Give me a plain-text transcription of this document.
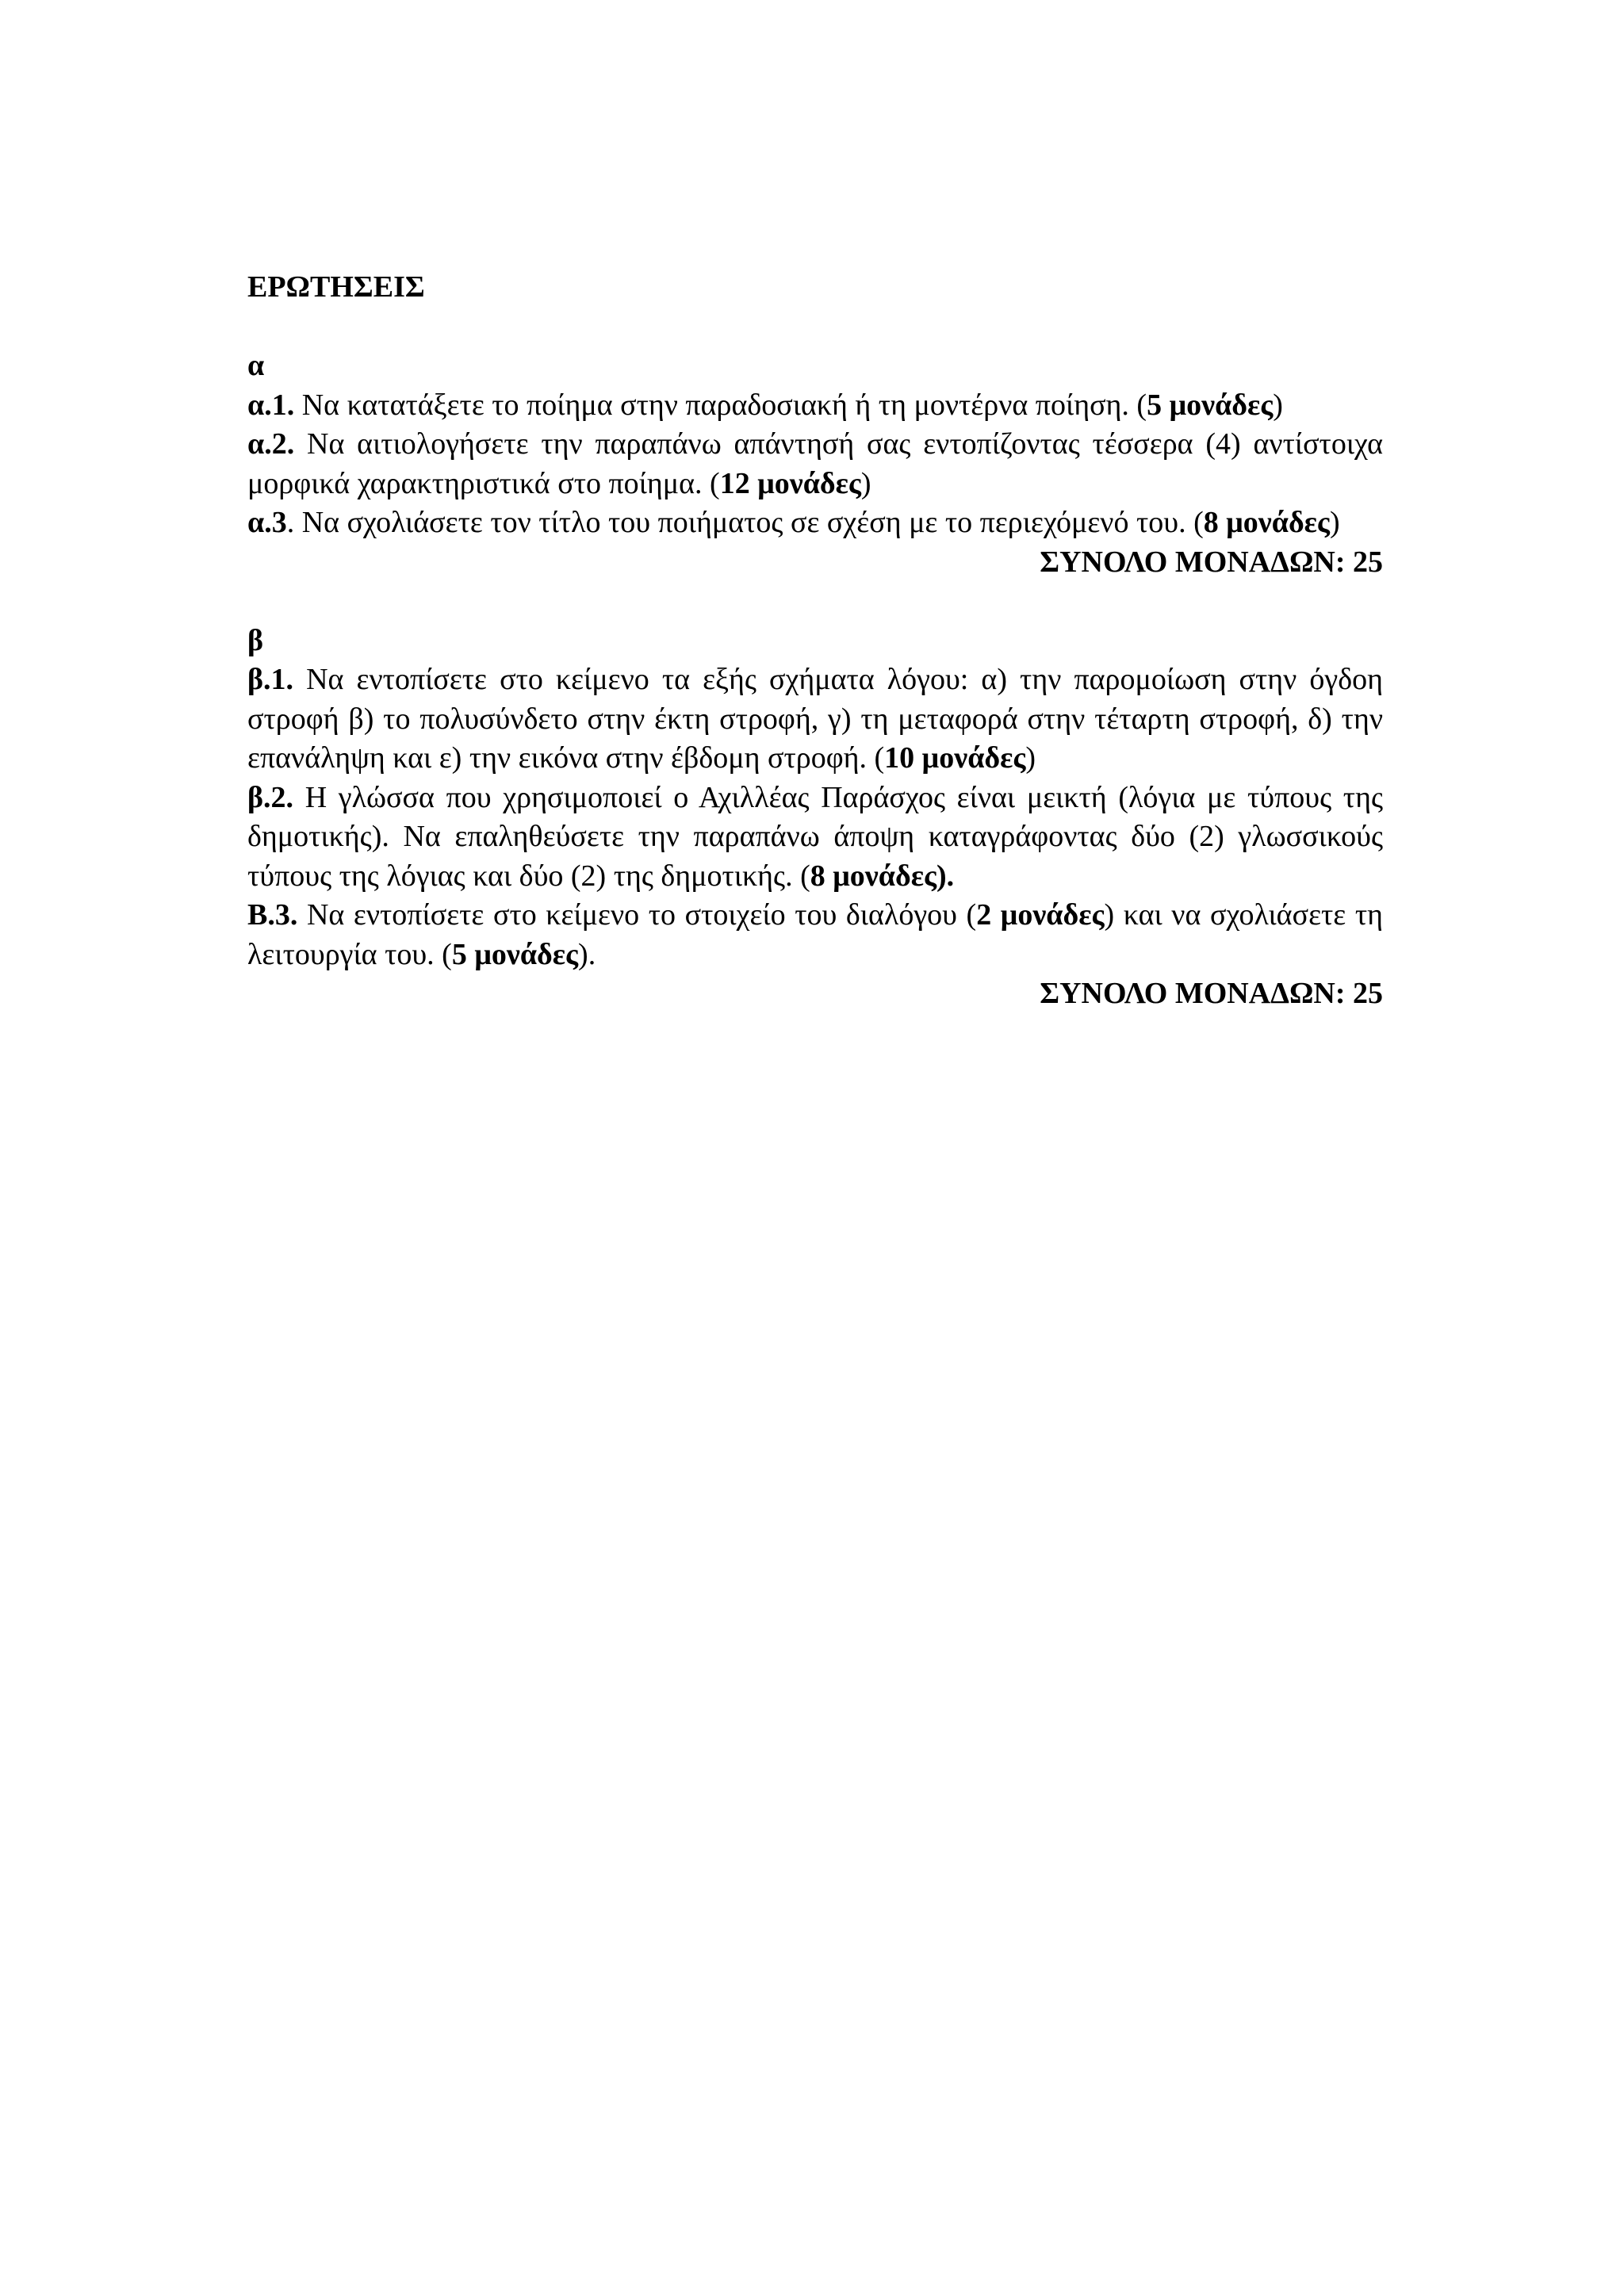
ΕΡΩΤΗΣΕΙΣ

α

α.1. Να κατατάξετε το ποίημα στην παραδοσιακή ή τη μοντέρνα ποίηση. (5 μονάδες)

α.2. Να αιτιολογήσετε την παραπάνω απάντησή σας εντοπίζοντας τέσσερα (4) αντίστοιχα μορφικά χαρακτηριστικά στο ποίημα. (12 μονάδες)

α.3. Να σχολιάσετε τον τίτλο του ποιήματος σε σχέση με το περιεχόμενό του. (8 μονάδες)

ΣΥΝΟΛΟ ΜΟΝΑΔΩΝ: 25

β

β.1. Να εντοπίσετε στο κείμενο τα εξής σχήματα λόγου: α) την παρομοίωση στην όγδοη στροφή β) το πολυσύνδετο στην έκτη στροφή, γ) τη μεταφορά στην τέταρτη στροφή, δ) την επανάληψη και ε) την εικόνα στην έβδομη στροφή. (10 μονάδες)

β.2. Η γλώσσα που χρησιμοποιεί ο Αχιλλέας Παράσχος είναι μεικτή (λόγια με τύπους της δημοτικής). Να επαληθεύσετε την παραπάνω άποψη καταγράφοντας δύο (2) γλωσσικούς τύπους της λόγιας και δύο (2) της δημοτικής. (8 μονάδες).

Β.3. Να εντοπίσετε στο κείμενο το στοιχείο του διαλόγου (2 μονάδες) και να σχολιάσετε τη λειτουργία του. (5 μονάδες).

ΣΥΝΟΛΟ ΜΟΝΑΔΩΝ: 25
